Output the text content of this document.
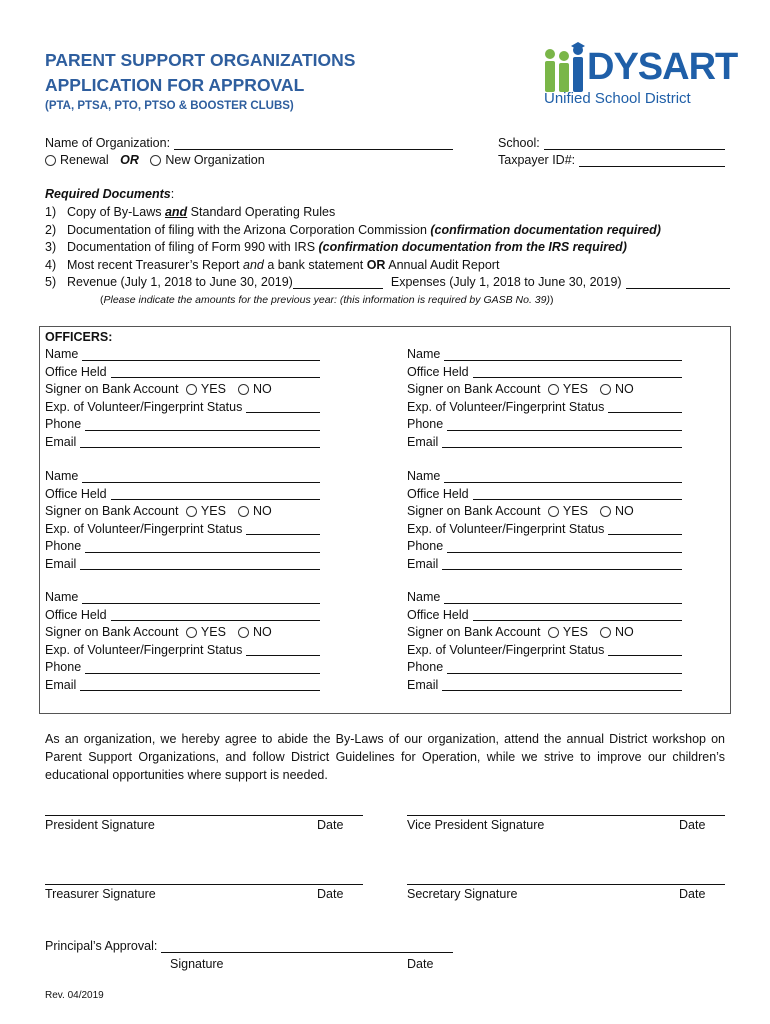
PARENT SUPPORT ORGANIZATIONS
APPLICATION FOR APPROVAL
(PTA, PTSA, PTO, PTSO & BOOSTER CLUBS)
DYSART
Unified School District
Name of Organization:
Renewal OR New Organization
School:
Taxpayer ID#:
Required Documents:
1) Copy of By-Laws and Standard Operating Rules
2) Documentation of filing with the Arizona Corporation Commission (confirmation documentation required)
3) Documentation of filing of Form 990 with IRS (confirmation documentation from the IRS required)
4) Most recent Treasurer’s Report and a bank statement OR Annual Audit Report
5) Revenue (July 1, 2018 to June 30, 2019)	Expenses (July 1, 2018 to June 30, 2019)
(Please indicate the amounts for the previous year: (this information is required by GASB No. 39))
OFFICERS:
Name
Office Held
Signer on Bank Account YES NO
Exp. of Volunteer/Fingerprint Status
Phone
Email
Name
Office Held
Signer on Bank Account YES NO
Exp. of Volunteer/Fingerprint Status
Phone
Email
Name
Office Held
Signer on Bank Account YES NO
Exp. of Volunteer/Fingerprint Status
Phone
Email
Name
Office Held
Signer on Bank Account YES NO
Exp. of Volunteer/Fingerprint Status
Phone
Email
Name
Office Held
Signer on Bank Account YES NO
Exp. of Volunteer/Fingerprint Status
Phone
Email
Name
Office Held
Signer on Bank Account YES NO
Exp. of Volunteer/Fingerprint Status
Phone
Email
As an organization, we hereby agree to abide the By-Laws of our organization, attend the annual District workshop on Parent Support Organizations, and follow District Guidelines for Operation, while we strive to improve our children’s educational opportunities where support is needed.
President Signature	Date	Vice President Signature	Date
Treasurer Signature	Date	Secretary Signature	Date
Principal’s Approval:
Signature	Date
Rev. 04/2019
